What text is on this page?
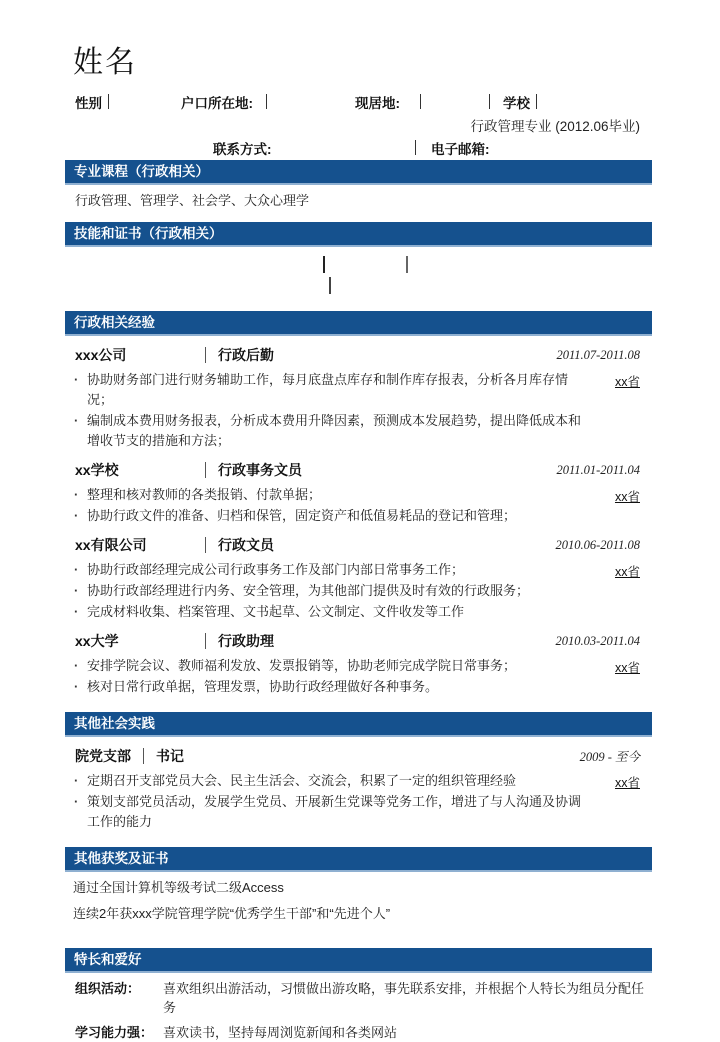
姓名
性别	户口所在地:	现居地:	学校
行政管理专业 (2012.06毕业)
联系方式:	电子邮箱:
专业课程（行政相关）
行政管理、管理学、社会学、大众心理学
技能和证书（行政相关）
行政相关经验
xxx公司	行政后勤	2011.07-2011.08
xx省
· 协助财务部门进行财务辅助工作，每月底盘点库存和制作库存报表，分析各月库存情况；
· 编制成本费用财务报表，分析成本费用升降因素，预测成本发展趋势，提出降低成本和增收节支的措施和方法；
xx学校	行政事务文员	2011.01-2011.04
xx省
· 整理和核对教师的各类报销、付款单据；
· 协助行政文件的准备、归档和保管，固定资产和低值易耗品的登记和管理；
xx有限公司	行政文员	2010.06-2011.08
xx省
· 协助行政部经理完成公司行政事务工作及部门内部日常事务工作；
· 协助行政部经理进行内务、安全管理，为其他部门提供及时有效的行政服务；
· 完成材料收集、档案管理、文书起草、公文制定、文件收发等工作
xx大学	行政助理	2010.03-2011.04
xx省
· 安排学院会议、教师福利发放、发票报销等，协助老师完成学院日常事务；
· 核对日常行政单据，管理发票，协助行政经理做好各种事务。
其他社会实践
院党支部 书记	2009 - 至今
xx省
· 定期召开支部党员大会、民主生活会、交流会，积累了一定的组织管理经验
· 策划支部党员活动，发展学生党员、开展新生党课等党务工作，增进了与人沟通及协调工作的能力
其他获奖及证书
通过全国计算机等级考试二级Access
连续2年获xxx学院管理学院“优秀学生干部”和“先进个人”
特长和爱好
组织活动：	喜欢组织出游活动，习惯做出游攻略，事先联系安排，并根据个人特长为组员分配任务
学习能力强： 喜欢读书，坚持每周浏览新闻和各类网站
